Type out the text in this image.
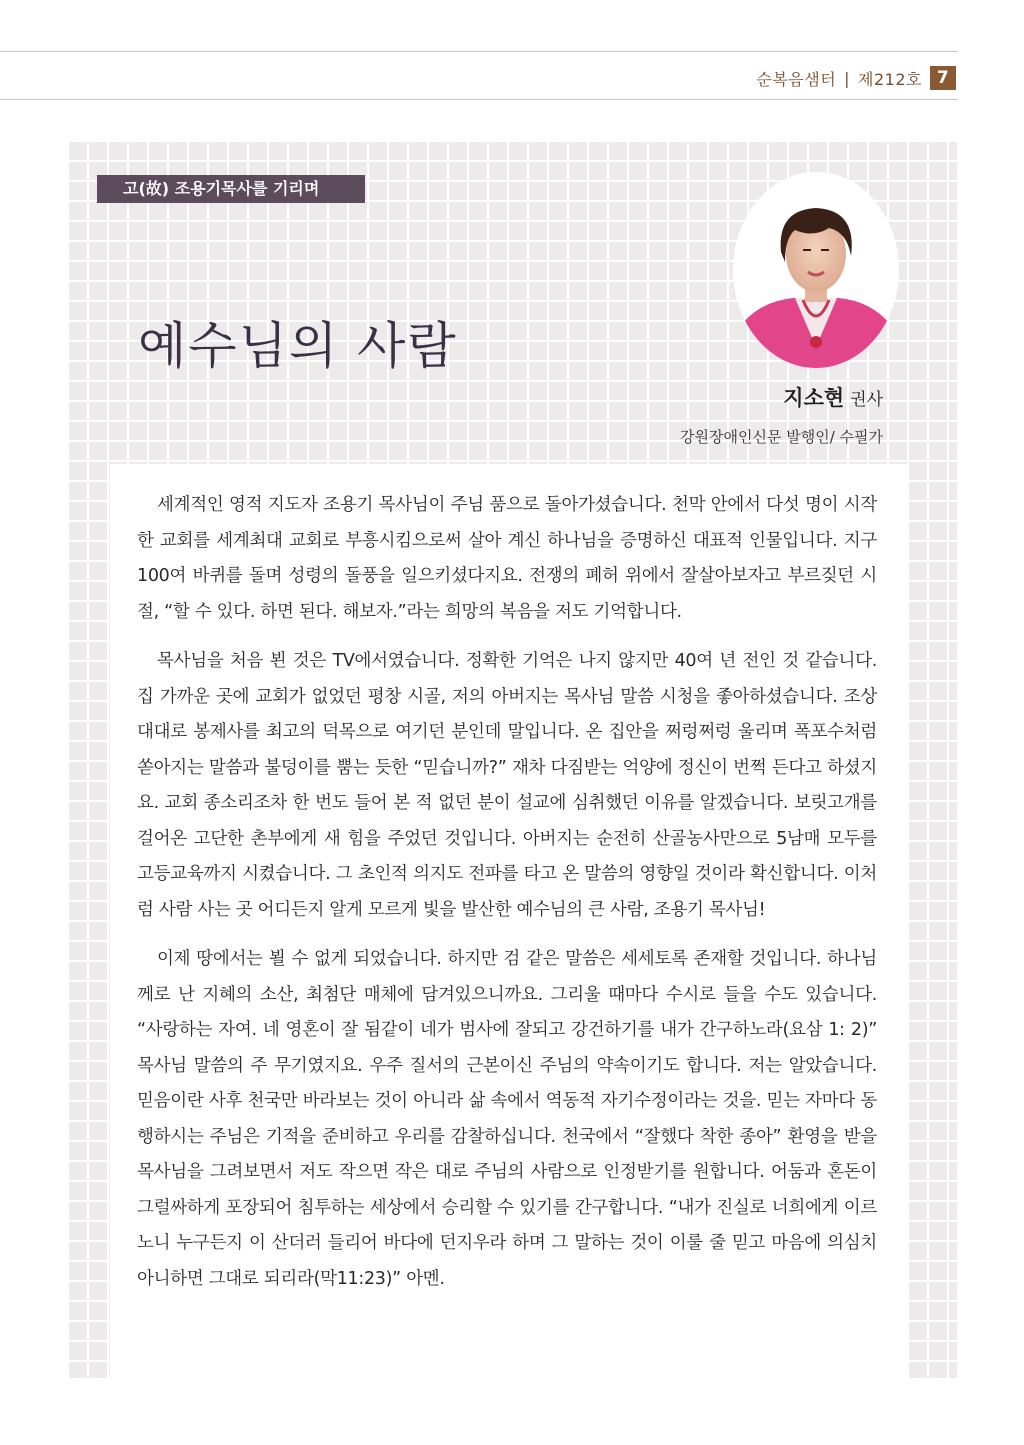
순복음샘터 | 제212호 7
고(故) 조용기목사를 기리며
예수님의 사람
지소현 권사
강원장애인신문 발행인/ 수필가

세계적인 영적 지도자 조용기 목사님이 주님 품으로 돌아가셨습니다. 천막 안에서 다섯 명이 시작한 교회를 세계최대 교회로 부흥시킴으로써 살아 계신 하나님을 증명하신 대표적 인물입니다. 지구 100여 바퀴를 돌며 성령의 돌풍을 일으키셨다지요. 전쟁의 폐허 위에서 잘살아보자고 부르짖던 시절, “할 수 있다. 하면 된다. 해보자.”라는 희망의 복음을 저도 기억합니다.

목사님을 처음 뵌 것은 TV에서였습니다. 정확한 기억은 나지 않지만 40여 년 전인 것 같습니다. 집 가까운 곳에 교회가 없었던 평창 시골, 저의 아버지는 목사님 말씀 시청을 좋아하셨습니다. 조상 대대로 봉제사를 최고의 덕목으로 여기던 분인데 말입니다. 온 집안을 쩌렁쩌렁 울리며 폭포수처럼 쏟아지는 말씀과 불덩이를 뿜는 듯한 “믿습니까?” 재차 다짐받는 억양에 정신이 번쩍 든다고 하셨지요. 교회 종소리조차 한 번도 들어 본 적 없던 분이 설교에 심취했던 이유를 알겠습니다. 보릿고개를 걸어온 고단한 촌부에게 새 힘을 주었던 것입니다. 아버지는 순전히 산골농사만으로 5남매 모두를 고등교육까지 시켰습니다. 그 초인적 의지도 전파를 타고 온 말씀의 영향일 것이라 확신합니다. 이처럼 사람 사는 곳 어디든지 알게 모르게 빛을 발산한 예수님의 큰 사람, 조용기 목사님!

이제 땅에서는 뵐 수 없게 되었습니다. 하지만 검 같은 말씀은 세세토록 존재할 것입니다. 하나님께로 난 지혜의 소산, 최첨단 매체에 담겨있으니까요. 그리울 때마다 수시로 들을 수도 있습니다. “사랑하는 자여. 네 영혼이 잘 됨같이 네가 범사에 잘되고 강건하기를 내가 간구하노라(요삼 1: 2)” 목사님 말씀의 주 무기였지요. 우주 질서의 근본이신 주님의 약속이기도 합니다. 저는 알았습니다. 믿음이란 사후 천국만 바라보는 것이 아니라 삶 속에서 역동적 자기수정이라는 것을. 믿는 자마다 동행하시는 주님은 기적을 준비하고 우리를 감찰하십니다. 천국에서 “잘했다 착한 종아” 환영을 받을 목사님을 그려보면서 저도 작으면 작은 대로 주님의 사람으로 인정받기를 원합니다. 어둠과 혼돈이 그럴싸하게 포장되어 침투하는 세상에서 승리할 수 있기를 간구합니다. “내가 진실로 너희에게 이르노니 누구든지 이 산더러 들리어 바다에 던지우라 하며 그 말하는 것이 이룰 줄 믿고 마음에 의심치 아니하면 그대로 되리라(막11:23)” 아멘.
